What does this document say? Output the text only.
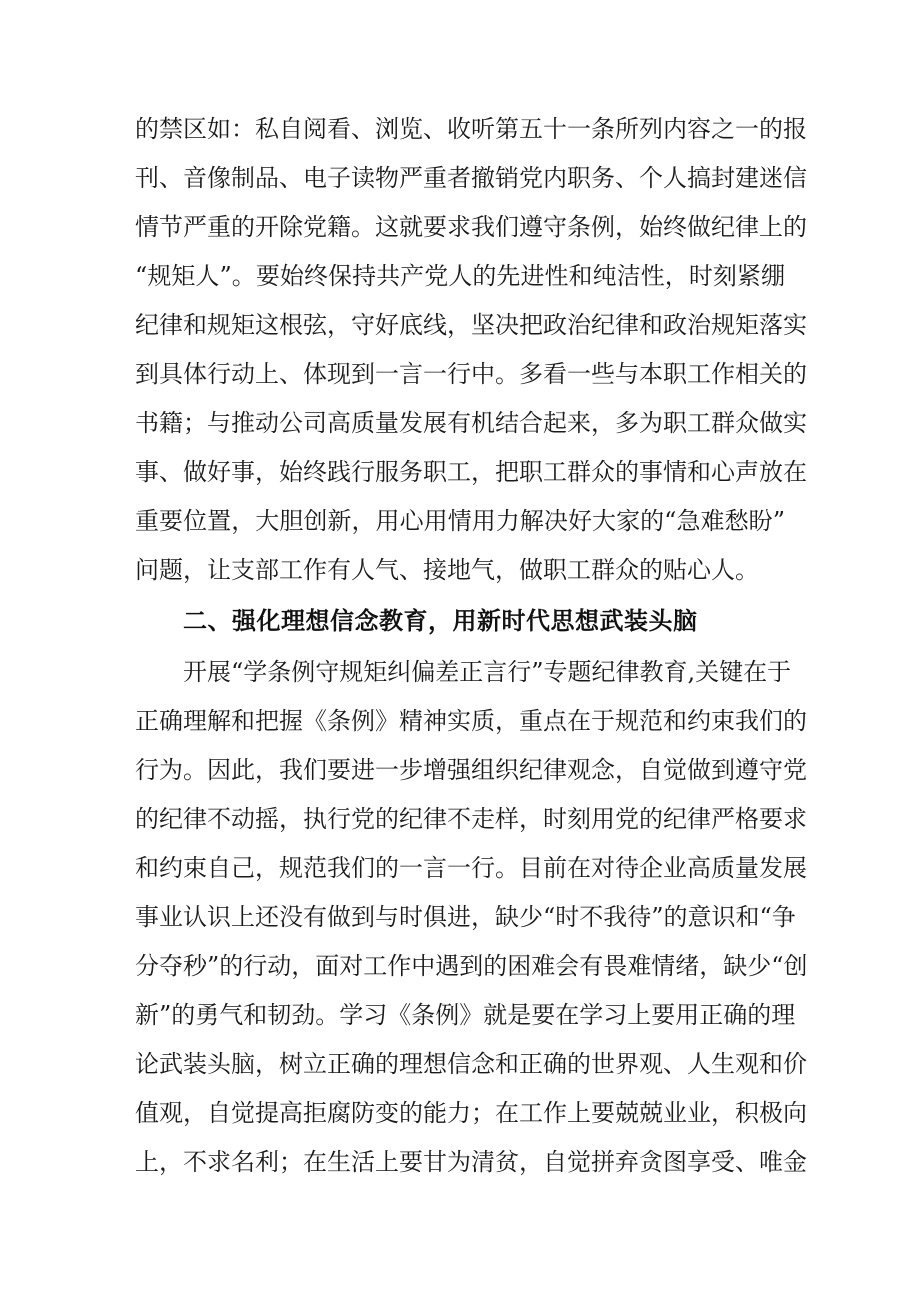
的禁区如：私自阅看、浏览、收听第五十一条所列内容之一的报
刊、音像制品、电子读物严重者撤销党内职务、个人搞封建迷信
情节严重的开除党籍。这就要求我们遵守条例，始终做纪律上的
“规矩人”。要始终保持共产党人的先进性和纯洁性，时刻紧绷
纪律和规矩这根弦，守好底线，坚决把政治纪律和政治规矩落实
到具体行动上、体现到一言一行中。多看一些与本职工作相关的
书籍；与推动公司高质量发展有机结合起来，多为职工群众做实
事、做好事，始终践行服务职工，把职工群众的事情和心声放在
重要位置，大胆创新，用心用情用力解决好大家的“急难愁盼”
问题，让支部工作有人气、接地气，做职工群众的贴心人。
二、强化理想信念教育，用新时代思想武装头脑
开展“学条例守规矩纠偏差正言行”专题纪律教育,关键在于
正确理解和把握《条例》精神实质，重点在于规范和约束我们的
行为。因此，我们要进一步增强组织纪律观念，自觉做到遵守党
的纪律不动摇，执行党的纪律不走样，时刻用党的纪律严格要求
和约束自己，规范我们的一言一行。目前在对待企业高质量发展
事业认识上还没有做到与时俱进，缺少“时不我待”的意识和“争
分夺秒”的行动，面对工作中遇到的困难会有畏难情绪，缺少“创
新”的勇气和韧劲。学习《条例》就是要在学习上要用正确的理
论武装头脑，树立正确的理想信念和正确的世界观、人生观和价
值观，自觉提高拒腐防变的能力；在工作上要兢兢业业，积极向
上，不求名利；在生活上要甘为清贫，自觉拼弃贪图享受、唯金
